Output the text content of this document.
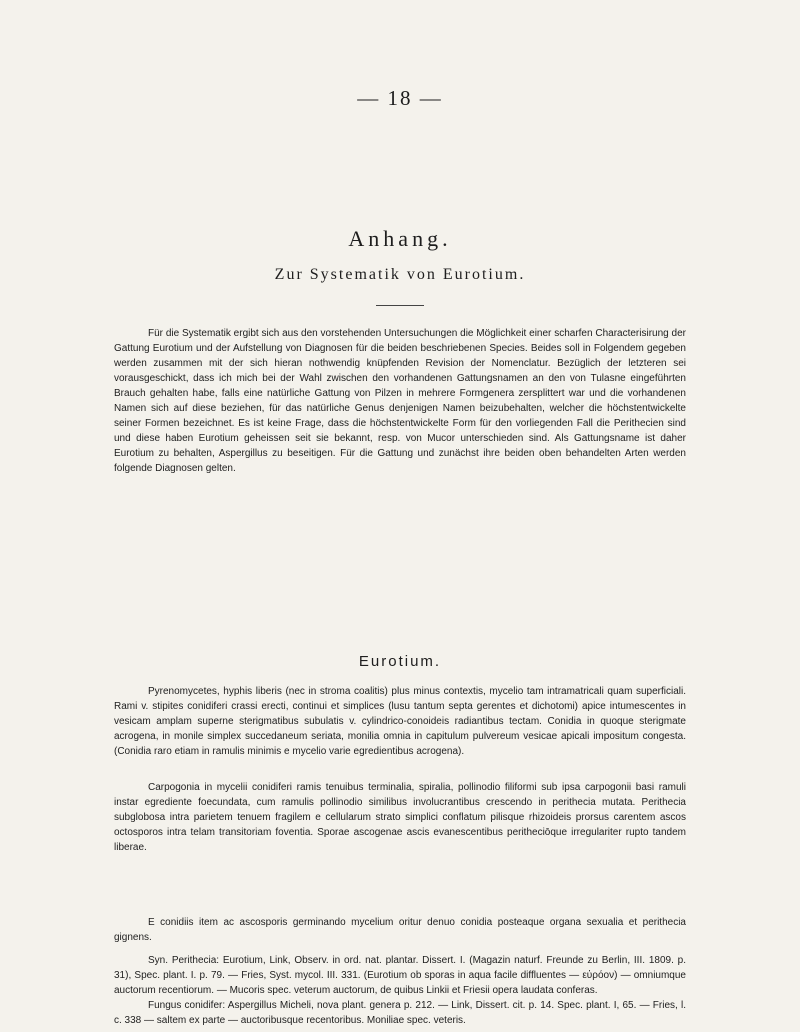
— 18 —
Anhang.
Zur Systematik von Eurotium.

Für die Systematik ergibt sich aus den vorstehenden Untersuchungen die Möglichkeit einer scharfen Characterisirung der Gattung Eurotium und der Aufstellung von Diagnosen für die beiden beschriebenen Species. Beides soll in Folgendem gegeben werden zusammen mit der sich hieran nothwendig knüpfenden Revision der Nomenclatur. Bezüglich der letzteren sei vorausgeschickt, dass ich mich bei der Wahl zwischen den vorhandenen Gattungsnamen an den von Tulasne eingeführten Brauch gehalten habe, falls eine natürliche Gattung von Pilzen in mehrere Formgenera zersplittert war und die vorhandenen Namen sich auf diese beziehen, für das natürliche Genus denjenigen Namen beizubehalten, welcher die höchstentwickelte seiner Formen bezeichnet. Es ist keine Frage, dass die höchstentwickelte Form für den vorliegenden Fall die Perithecien sind und diese haben Eurotium geheissen seit sie bekannt, resp. von Mucor unterschieden sind. Als Gattungsname ist daher Eurotium zu behalten, Aspergillus zu beseitigen. Für die Gattung und zunächst ihre beiden oben behandelten Arten werden folgende Diagnosen gelten.

Eurotium.

Pyrenomycetes, hyphis liberis (nec in stroma coalitis) plus minus contextis, mycelio tam intramatricali quam superficiali. Rami v. stipites conidiferi crassi erecti, continui et simplices (lusu tantum septa gerentes et dichotomi) apice intumescentes in vesicam amplam superne sterigmatibus subulatis v. cylindrico-conoideis radiantibus tectam. Conidia in quoque sterigmate acrogena, in monile simplex succedaneum seriata, monilia omnia in capitulum pulvereum vesicae apicali impositum congesta. (Conidia raro etiam in ramulis minimis e mycelio varie egredientibus acrogena).

Carpogonia in mycelii conidiferi ramis tenuibus terminalia, spiralia, pollinodio filiformi sub ipsa carpogonii basi ramuli instar egrediente foecundata, cum ramulis pollinodio similibus involucrantibus crescendo in perithecia mutata. Perithecia subglobosa intra parietem tenuem fragilem e cellularum strato simplici conflatum pilisque rhizoideis prorsus carentem ascos octosporos intra telam transitoriam foventia. Sporae ascogenae ascis evanescentibus peritheciōque irregulariter rupto tandem liberae.

E conidiis item ac ascosporis germinando mycelium oritur denuo conidia posteaque organa sexualia et perithecia gignens.

Syn. Perithecia: Eurotium, Link, Observ. in ord. nat. plantar. Dissert. I. (Magazin naturf. Freunde zu Berlin, III. 1809. p. 31), Spec. plant. I. p. 79. — Fries, Syst. mycol. III. 331. (Eurotium ob sporas in aqua facile diffluentes — εὐρόον) — omniumque auctorum recentiorum. — Mucoris spec. veterum auctorum, de quibus Linkii et Friesii opera laudata conferas.

Fungus conidifer: Aspergillus Micheli, nova plant. genera p. 212. — Link, Dissert. cit. p. 14. Spec. plant. I, 65. — Fries, l. c. 338 — saltem ex parte — auctoribusque recentoribus. Moniliae spec. veteris.
